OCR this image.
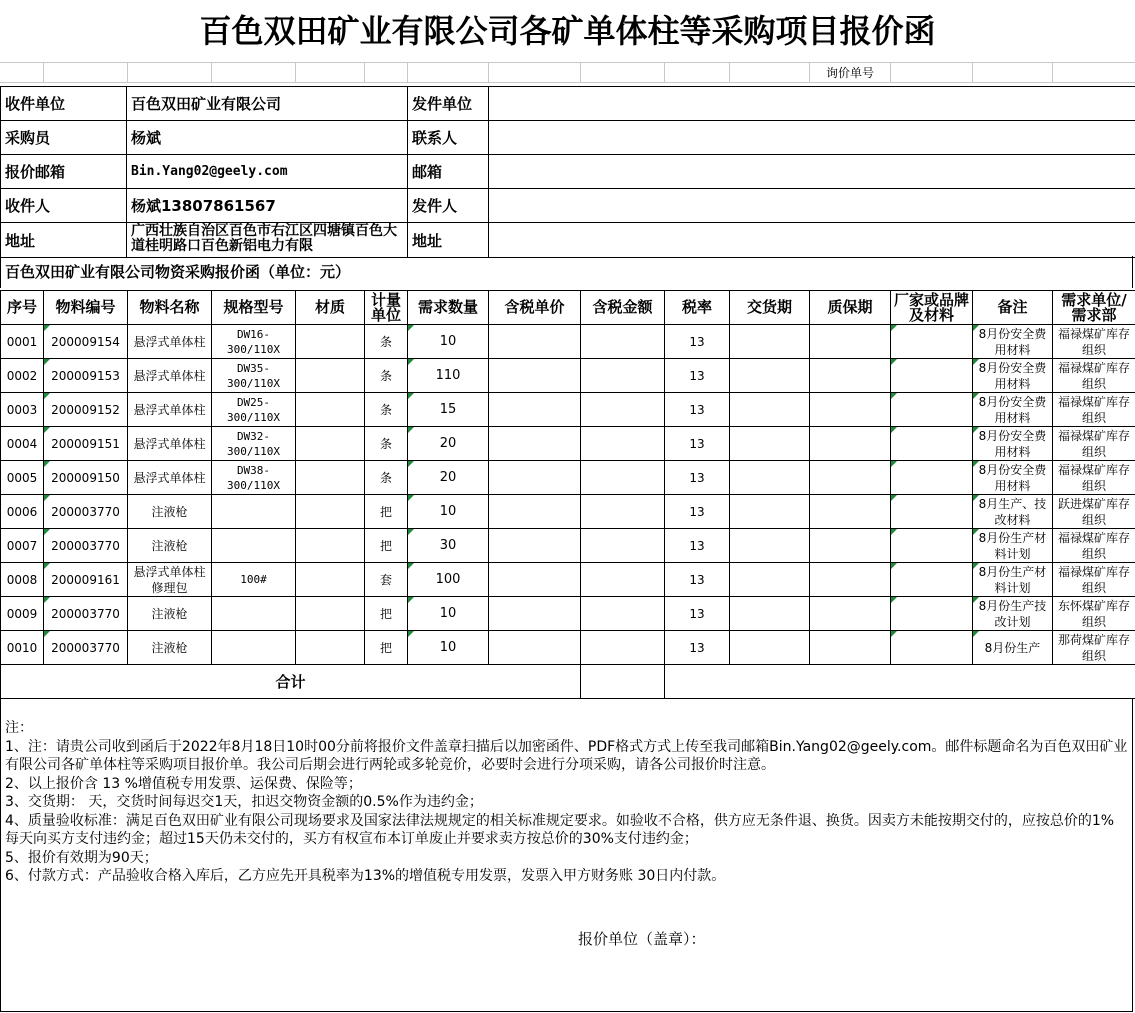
百色双田矿业有限公司各矿单体柱等采购项目报价函
询价单号
收件单位	百色双田矿业有限公司	发件单位	
采购员	杨斌	联系人	
报价邮箱	Bin.Yang02@geely.com	邮箱	
收件人	杨斌13807861567	发件人	
地址	广西壮族自治区百色市右江区四塘镇百色大道桂明路口百色新铝电力有限	地址	
百色双田矿业有限公司物资采购报价函（单位：元）
序号	物料编号	物料名称	规格型号	材质	计量单位	需求数量	含税单价	含税金额	税率	交货期	质保期	厂家或品牌及材料	备注	需求单位/需求部
0001	200009154	悬浮式单体柱	DW16-300/110X		条	10			13				8月份安全费用材料	福禄煤矿库存组织
0002	200009153	悬浮式单体柱	DW35-300/110X		条	110			13				8月份安全费用材料	福禄煤矿库存组织
0003	200009152	悬浮式单体柱	DW25-300/110X		条	15			13				8月份安全费用材料	福禄煤矿库存组织
0004	200009151	悬浮式单体柱	DW32-300/110X		条	20			13				8月份安全费用材料	福禄煤矿库存组织
0005	200009150	悬浮式单体柱	DW38-300/110X		条	20			13				8月份安全费用材料	福禄煤矿库存组织
0006	200003770	注液枪			把	10			13				8月生产、技改材料	跃进煤矿库存组织
0007	200003770	注液枪			把	30			13				8月份生产材料计划	福禄煤矿库存组织
0008	200009161	悬浮式单体柱修理包	100#		套	100			13				8月份生产材料计划	福禄煤矿库存组织
0009	200003770	注液枪			把	10			13				8月份生产技改计划	东怀煤矿库存组织
0010	200003770	注液枪			把	10			13				8月份生产	那荷煤矿库存组织
合计														

注：

1、注：请贵公司收到函后于2022年8月18日10时00分前将报价文件盖章扫描后以加密函件、PDF格式方式上传至我司邮箱Bin.Yang02@geely.com。邮件标题命名为百色双田矿业有限公司各矿单体柱等采购项目报价单。我公司后期会进行两轮或多轮竞价，必要时会进行分项采购，请各公司报价时注意。

2、以上报价含 13 %增值税专用发票、运保费、保险等；

3、交货期： 天，交货时间每迟交1天，扣迟交物资金额的0.5%作为违约金；

4、质量验收标准：满足百色双田矿业有限公司现场要求及国家法律法规规定的相关标准规定要求。如验收不合格，供方应无条件退、换货。因卖方未能按期交付的，应按总价的1% 每天向买方支付违约金；超过15天仍未交付的，买方有权宣布本订单废止并要求卖方按总价的30%支付违约金；

5、报价有效期为90天；

6、付款方式：产品验收合格入库后，乙方应先开具税率为13%的增值税专用发票，发票入甲方财务账 30日内付款。

报价单位（盖章）：
